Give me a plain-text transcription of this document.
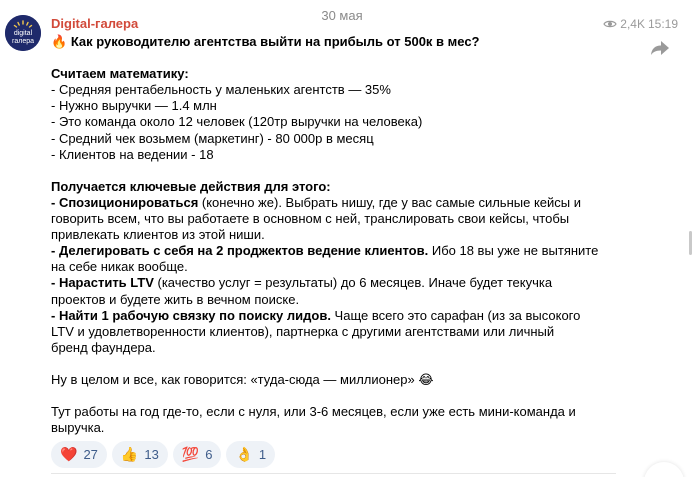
30 мая
digital
галера
Digital-галера	2,4K 15:19
🔥 Как руководителю агентства выйти на прибыль от 500к в мес?
Считаем математику:
- Средняя рентабельность у маленьких агентств — 35%
- Нужно выручки — 1.4 млн
- Это команда около 12 человек (120тр выручки на человека)
- Средний чек возьмем (маркетинг) - 80 000р в месяц
- Клиентов на ведении - 18
Получается ключевые действия для этого:
- Спозиционироваться (конечно же). Выбрать нишу, где у вас самые сильные кейсы и
говорить всем, что вы работаете в основном с ней, транслировать свои кейсы, чтобы
привлекать клиентов из этой ниши.
- Делегировать с себя на 2 проджектов ведение клиентов. Ибо 18 вы уже не вытяните
на себе никак вообще.
- Нарастить LTV (качество услуг = результаты) до 6 месяцев. Иначе будет текучка
проектов и будете жить в вечном поиске.
- Найти 1 рабочую связку по поиску лидов. Чаще всего это сарафан (из за высокого
LTV и удовлетворенности клиентов), партнерка с другими агентствами или личный
бренд фаундера.
Ну в целом и все, как говорится: «туда-сюда — миллионер» 😂
Тут работы на год где-то, если с нуля, или 3-6 месяцев, если уже есть мини-команда и
выручка.
❤️ 27 👍 13 💯 6 👌 1
